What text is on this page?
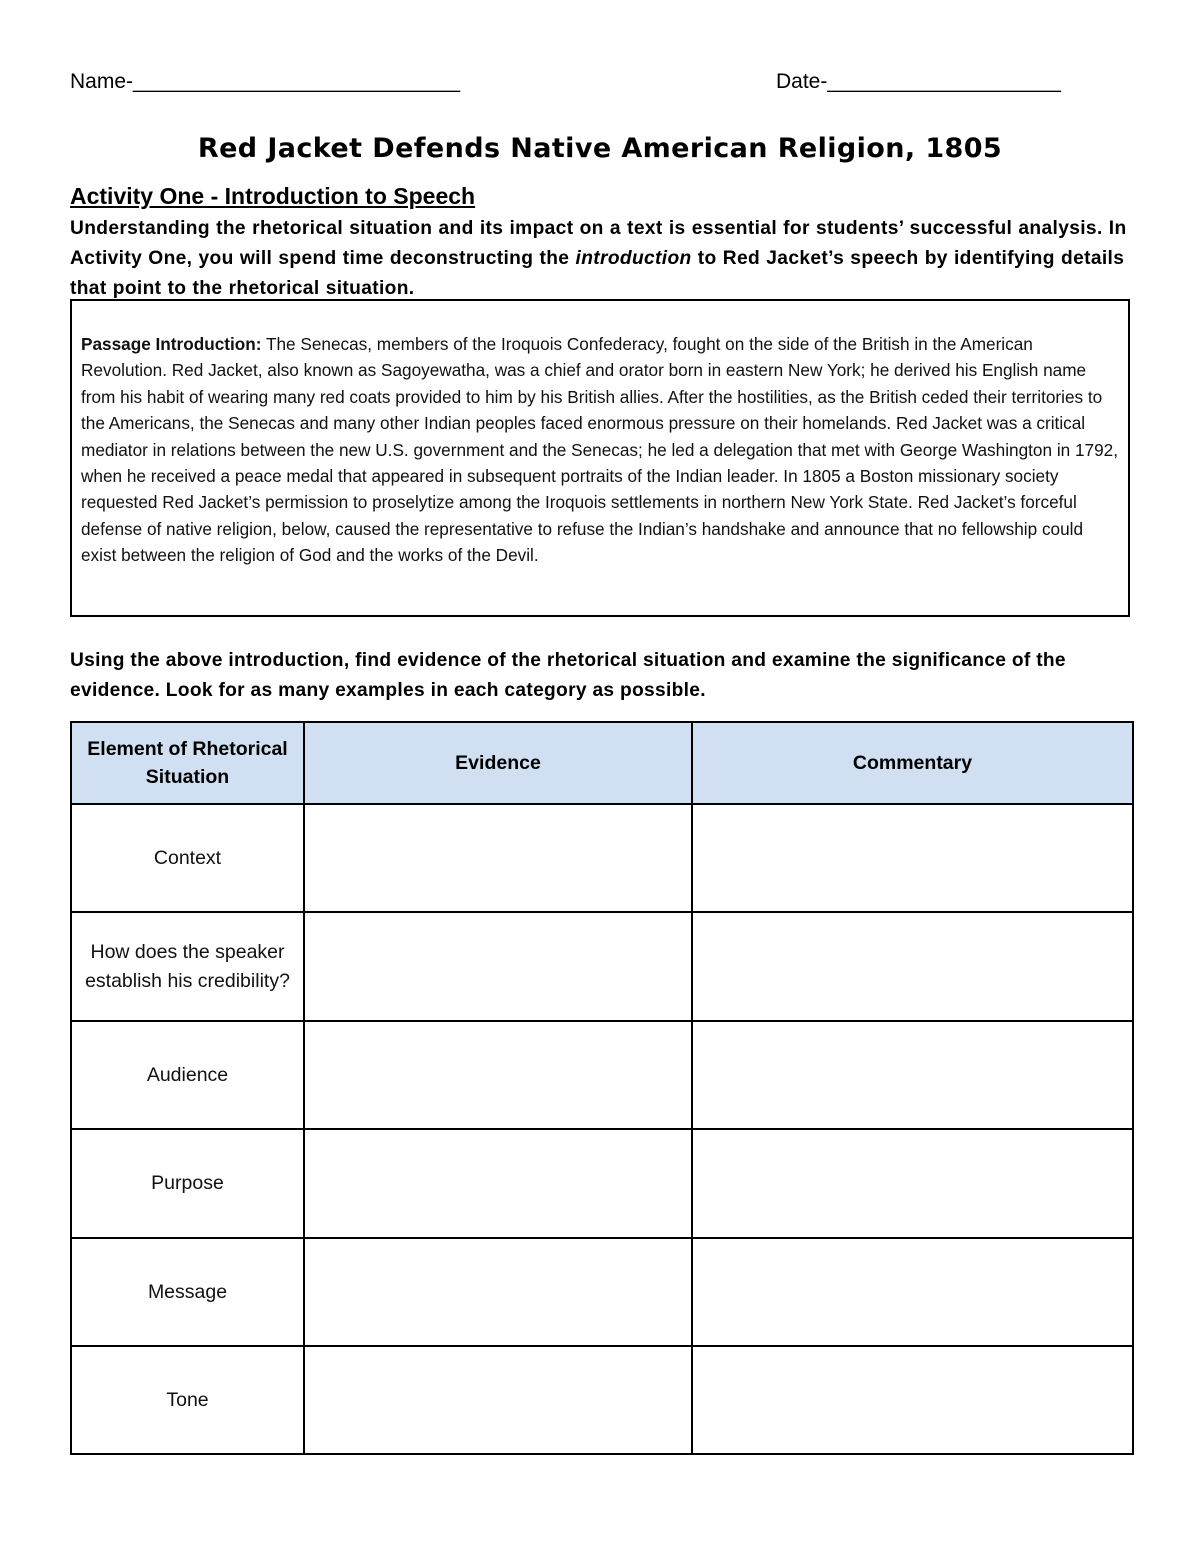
Name-____________________________	Date-____________________
Red Jacket Defends Native American Religion, 1805
Activity One - Introduction to Speech
Understanding the rhetorical situation and its impact on a text is essential for students’ successful analysis. In Activity One, you will spend time deconstructing the introduction to Red Jacket’s speech by identifying details that point to the rhetorical situation.
Passage Introduction: The Senecas, members of the Iroquois Confederacy, fought on the side of the British in the American Revolution. Red Jacket, also known as Sagoyewatha, was a chief and orator born in eastern New York; he derived his English name from his habit of wearing many red coats provided to him by his British allies. After the hostilities, as the British ceded their territories to the Americans, the Senecas and many other Indian peoples faced enormous pressure on their homelands. Red Jacket was a critical mediator in relations between the new U.S. government and the Senecas; he led a delegation that met with George Washington in 1792, when he received a peace medal that appeared in subsequent portraits of the Indian leader. In 1805 a Boston missionary society requested Red Jacket’s permission to proselytize among the Iroquois settlements in northern New York State. Red Jacket’s forceful defense of native religion, below, caused the representative to refuse the Indian’s handshake and announce that no fellowship could exist between the religion of God and the works of the Devil.
Using the above introduction, find evidence of the rhetorical situation and examine the significance of the evidence. Look for as many examples in each category as possible.
Element of Rhetorical Situation	Evidence	Commentary
Context		
How does the speaker establish his credibility?		
Audience		
Purpose		
Message		
Tone		
